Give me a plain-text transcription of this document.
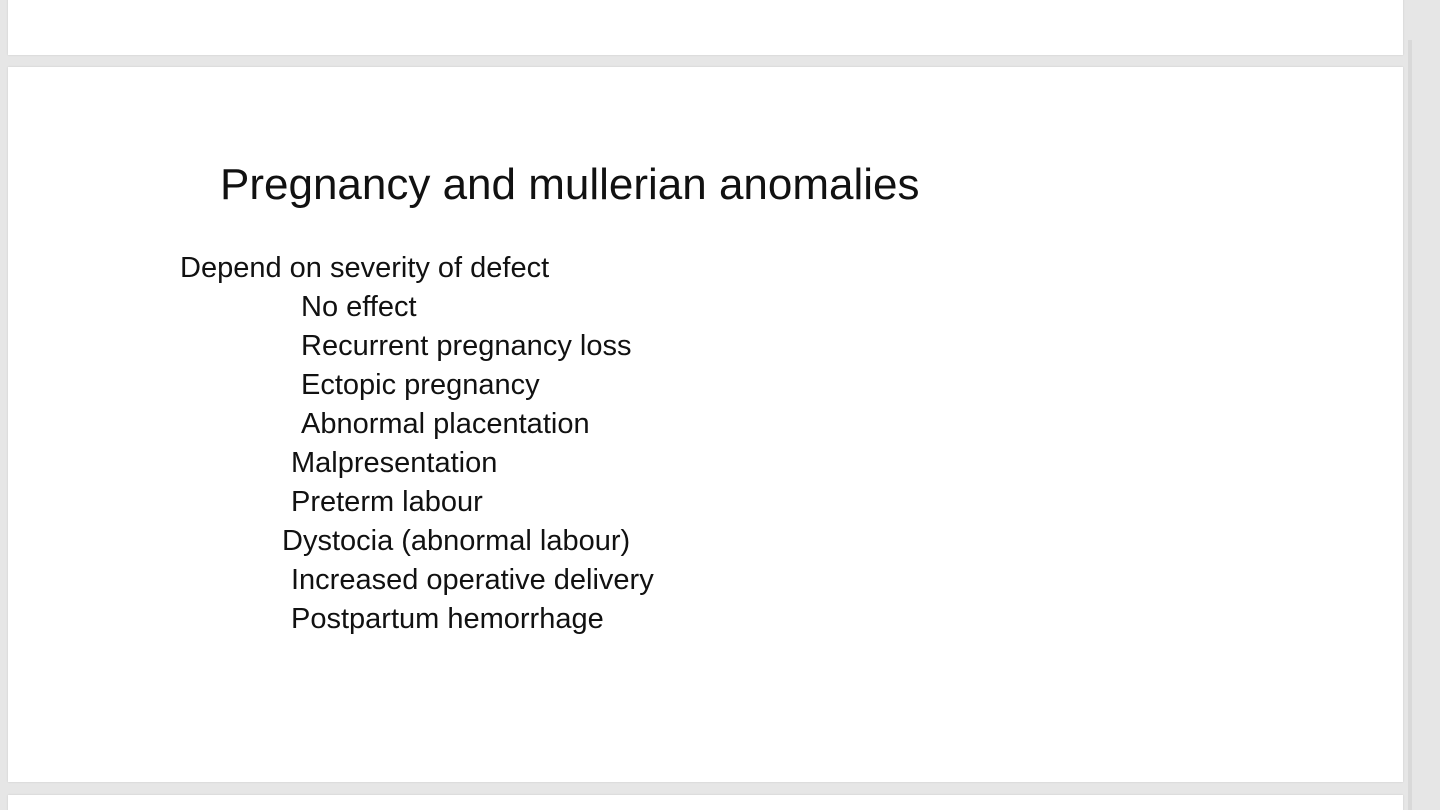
Pregnancy and mullerian anomalies
Depend on severity of defect
No effect
Recurrent pregnancy loss
Ectopic pregnancy
Abnormal placentation
Malpresentation
Preterm labour
Dystocia (abnormal labour)
Increased operative delivery
Postpartum hemorrhage
